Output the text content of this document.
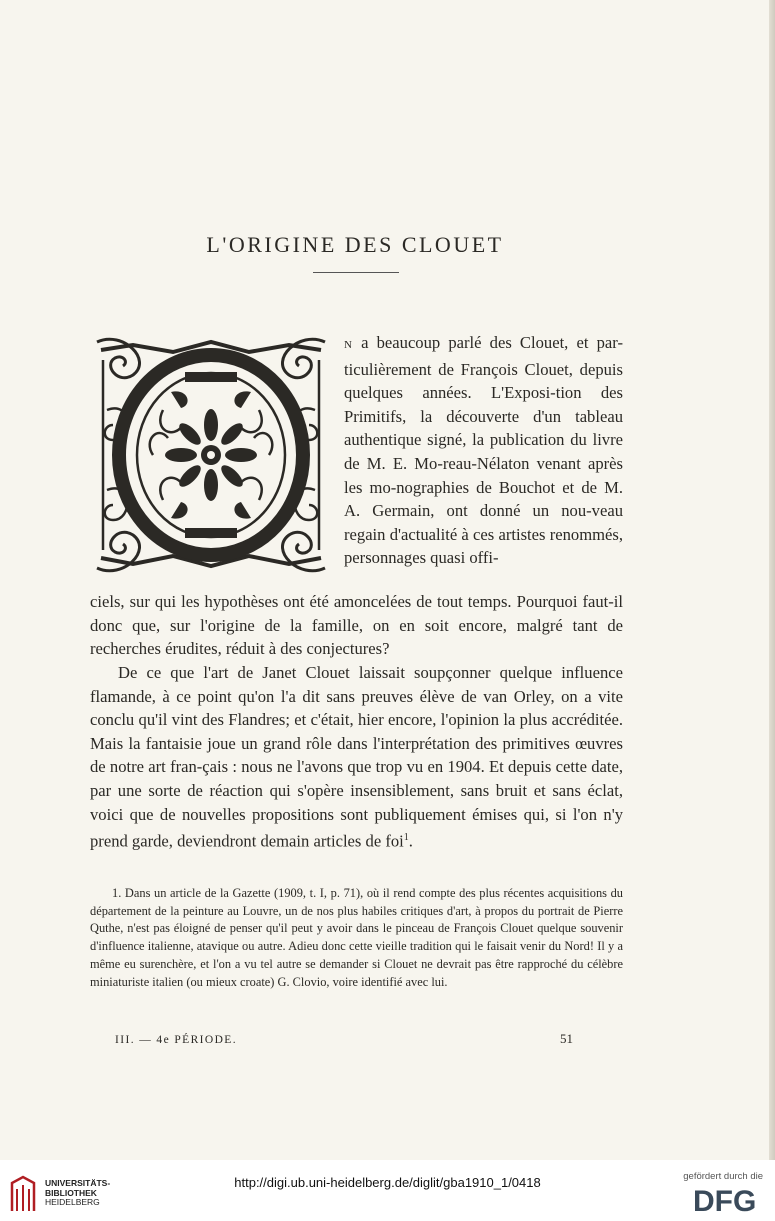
L'ORIGINE DES CLOUET

N a beaucoup parlé des Clouet, et par-ticulièrement de François Clouet, depuis quelques années. L'Exposi-tion des Primitifs, la découverte d'un tableau authentique signé, la publication du livre de M. E. Mo-reau-Nélaton venant après les mo-nographies de Bouchot et de M. A. Germain, ont donné un nou-veau regain d'actualité à ces artistes renommés, personnages quasi offi-

ciels, sur qui les hypothèses ont été amoncelées de tout temps. Pourquoi faut-il donc que, sur l'origine de la famille, on en soit encore, malgré tant de recherches érudites, réduit à des conjectures?

De ce que l'art de Janet Clouet laissait soupçonner quelque influence flamande, à ce point qu'on l'a dit sans preuves élève de van Orley, on a vite conclu qu'il vint des Flandres; et c'était, hier encore, l'opinion la plus accréditée. Mais la fantaisie joue un grand rôle dans l'interprétation des primitives œuvres de notre art fran-çais : nous ne l'avons que trop vu en 1904. Et depuis cette date, par une sorte de réaction qui s'opère insensiblement, sans bruit et sans éclat, voici que de nouvelles propositions sont publiquement émises qui, si l'on n'y prend garde, deviendront demain articles de foi$^1$.

1. Dans un article de la Gazette (1909, t. I, p. 71), où il rend compte des plus récentes acquisitions du département de la peinture au Louvre, un de nos plus habiles critiques d'art, à propos du portrait de Pierre Quthe, n'est pas éloigné de penser qu'il peut y avoir dans le pinceau de François Clouet quelque souvenir d'influence italienne, atavique ou autre. Adieu donc cette vieille tradition qui le faisait venir du Nord! Il y a même eu surenchère, et l'on a vu tel autre se demander si Clouet ne devrait pas être rapproché du célèbre miniaturiste italien (ou mieux croate) G. Clovio, voire identifié avec lui.

III. — 4e PÉRIODE.	51
UNIVERSITÄTS-
BIBLIOTHEK
HEIDELBERG
http://digi.ub.uni-heidelberg.de/diglit/gba1910_1/0418	gefördert durch die
DFG
